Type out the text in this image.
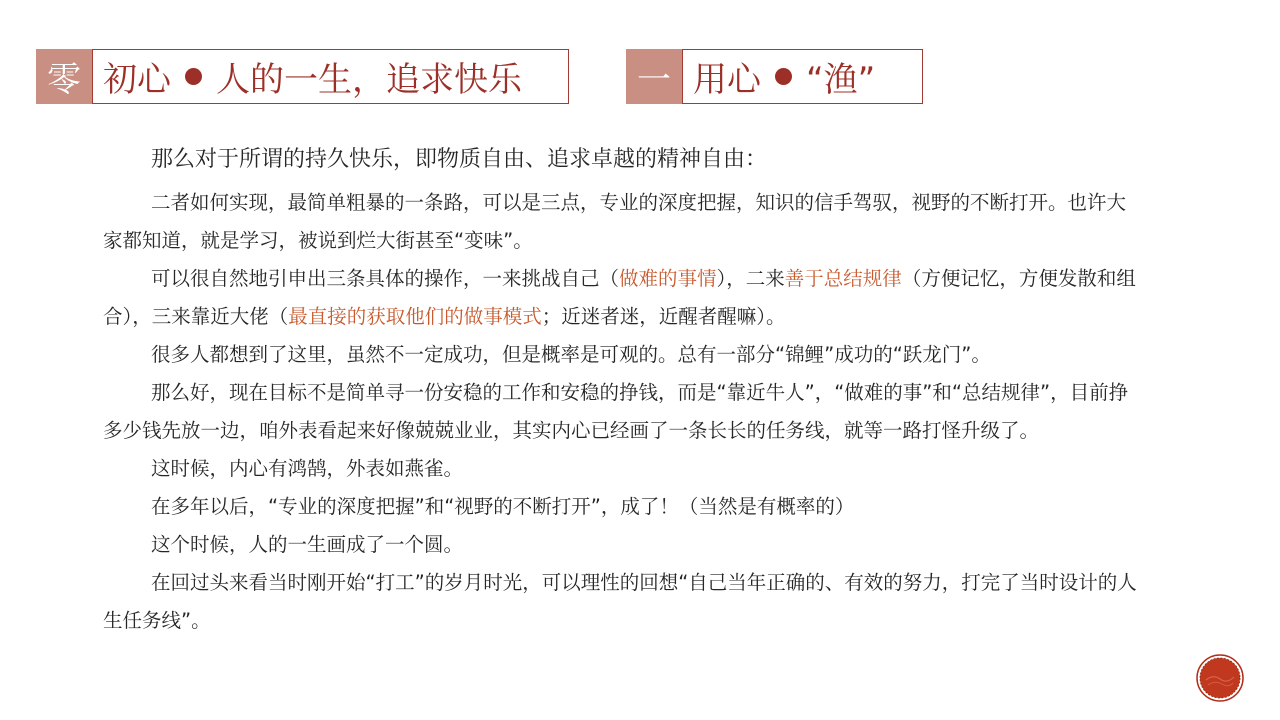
零 初心 人的一生，追求快乐	一 用心 “渔”

那么对于所谓的持久快乐，即物质自由、追求卓越的精神自由：

二者如何实现，最简单粗暴的一条路，可以是三点，专业的深度把握，知识的信手驾驭，视野的不断打开。也许大家都知道，就是学习，被说到烂大街甚至“变味”。

可以很自然地引申出三条具体的操作，一来挑战自己（做难的事情），二来善于总结规律（方便记忆，方便发散和组合），三来靠近大佬（最直接的获取他们的做事模式；近迷者迷，近醒者醒嘛）。

很多人都想到了这里，虽然不一定成功，但是概率是可观的。总有一部分“锦鲤”成功的“跃龙门”。

那么好，现在目标不是简单寻一份安稳的工作和安稳的挣钱，而是“靠近牛人”，“做难的事”和“总结规律”，目前挣多少钱先放一边，咱外表看起来好像兢兢业业，其实内心已经画了一条长长的任务线，就等一路打怪升级了。

这时候，内心有鸿鹄，外表如燕雀。

在多年以后，“专业的深度把握”和“视野的不断打开”，成了！（当然是有概率的）

这个时候，人的一生画成了一个圆。

在回过头来看当时刚开始“打工”的岁月时光，可以理性的回想“自己当年正确的、有效的努力，打完了当时设计的人生任务线”。
